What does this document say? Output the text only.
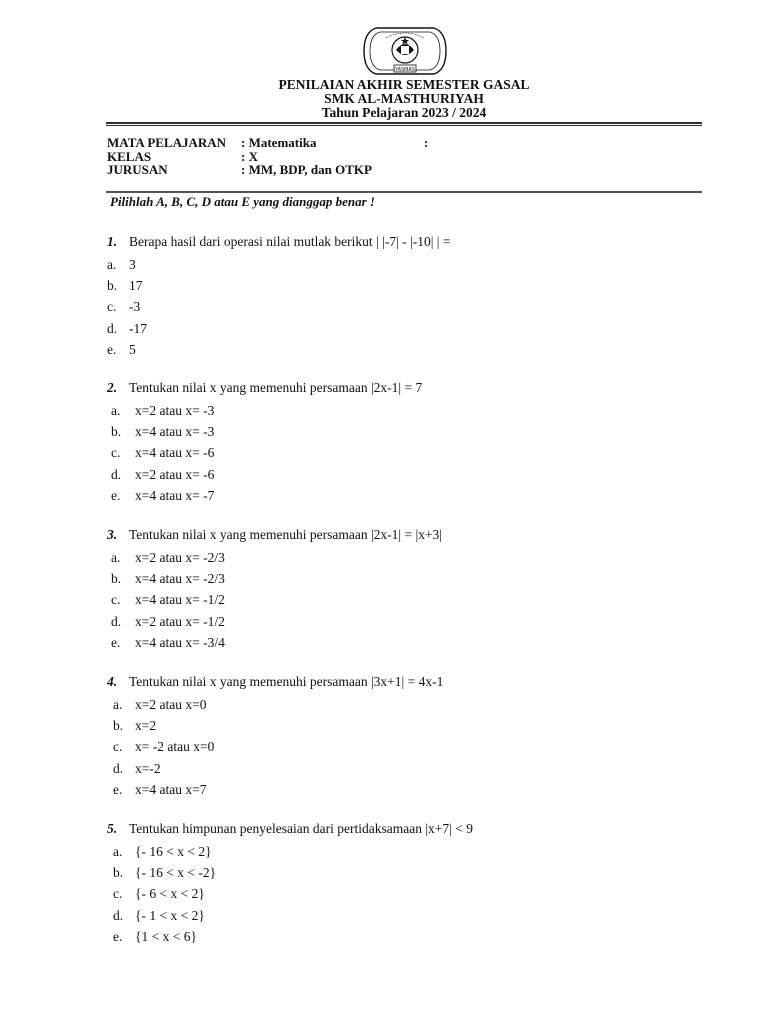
YASMAS
PENILAIAN AKHIR SEMESTER GASAL
SMK AL-MASTHURIYAH
Tahun Pelajaran 2023 / 2024
MATA PELAJARAN : Matematika	:
KELAS	: X
JURUSAN	: MM, BDP, dan OTKP
Pilihlah A, B, C, D atau E yang dianggap benar !
1. Berapa hasil dari operasi nilai mutlak berikut | |-7| - |-10| | =
a. 3
b. 17
c. -3
d. -17
e. 5
2. Tentukan nilai x yang memenuhi persamaan |2x-1| = 7
a. x=2 atau x= -3
b. x=4 atau x= -3
c. x=4 atau x= -6
d. x=2 atau x= -6
e. x=4 atau x= -7
3. Tentukan nilai x yang memenuhi persamaan |2x-1| = |x+3|
a. x=2 atau x= -2/3
b. x=4 atau x= -2/3
c. x=4 atau x= -1/2
d. x=2 atau x= -1/2
e. x=4 atau x= -3/4
4. Tentukan nilai x yang memenuhi persamaan |3x+1| = 4x-1
a. x=2 atau x=0
b. x=2
c. x= -2 atau x=0
d. x=-2
e. x=4 atau x=7
5. Tentukan himpunan penyelesaian dari pertidaksamaan |x+7| < 9
a. {- 16 < x < 2}
b. {- 16 < x < -2}
c. {- 6 < x < 2}
d. {- 1 < x < 2}
e. {1 < x < 6}
